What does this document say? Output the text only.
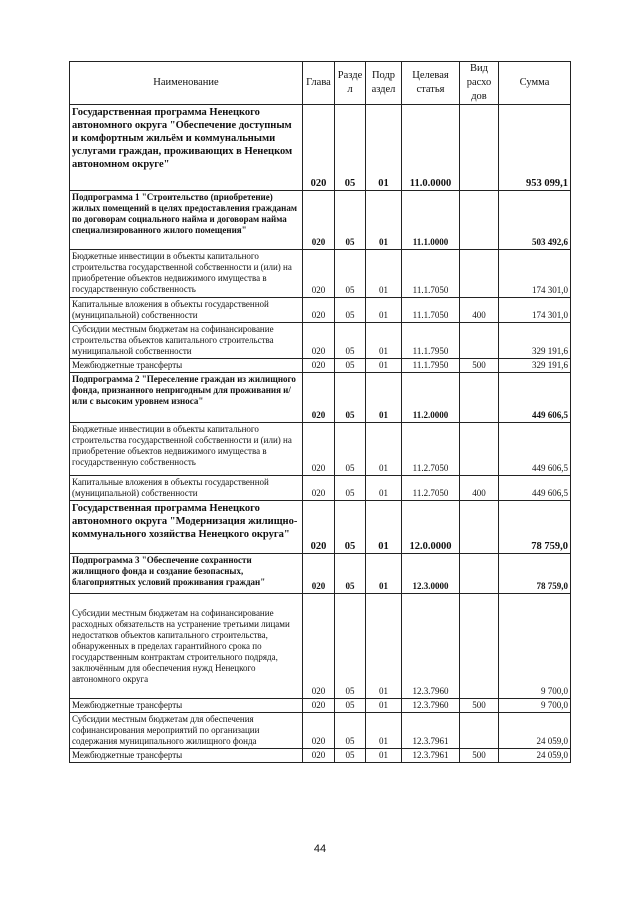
Наименование	Глава	Разде л	Подр аздел	Целевая статья	Вид расхо дов	Сумма
Государственная программа Ненецкого автономного округа "Обеспечение доступным и комфортным жильём и коммунальными услугами граждан, проживающих в Ненецком автономном округе"	020	05	01	11.0.0000		953 099,1
Подпрограмма 1 "Строительство (приобретение) жилых помещений в целях предоставления гражданам по договорам социального найма и договорам найма специализированного жилого помещения"	020	05	01	11.1.0000		503 492,6
Бюджетные инвестиции в объекты капитального строительства государственной собственности и (или) на приобретение объектов недвижимого имущества в государственную собственность	020	05	01	11.1.7050		174 301,0
Капитальные вложения в объекты государственной (муниципальной) собственности	020	05	01	11.1.7050	400	174 301,0
Субсидии местным бюджетам на софинансирование строительства объектов капитального строительства муниципальной собственности	020	05	01	11.1.7950		329 191,6
Межбюджетные трансферты	020	05	01	11.1.7950	500	329 191,6
Подпрограмма 2 "Переселение граждан из жилищного фонда, признанного непригодным для проживания и/или с высоким уровнем износа"	020	05	01	11.2.0000		449 606,5
Бюджетные инвестиции в объекты капитального строительства государственной собственности и (или) на приобретение объектов недвижимого имущества в государственную собственность	020	05	01	11.2.7050		449 606,5
Капитальные вложения в объекты государственной (муниципальной) собственности	020	05	01	11.2.7050	400	449 606,5
Государственная программа Ненецкого автономного округа "Модернизация жилищно-коммунального хозяйства Ненецкого округа"	020	05	01	12.0.0000		78 759,0
Подпрограмма 3 "Обеспечение сохранности жилищного фонда и создание безопасных, благоприятных условий проживания граждан"	020	05	01	12.3.0000		78 759,0
Субсидии местным бюджетам на софинансирование расходных обязательств на устранение третьими лицами недостатков объектов капитального строительства, обнаруженных в пределах гарантийного срока по государственным контрактам строительного подряда, заключённым для обеспечения нужд Ненецкого автономного округа	020	05	01	12.3.7960		9 700,0
Межбюджетные трансферты	020	05	01	12.3.7960	500	9 700,0
Субсидии местным бюджетам для обеспечения софинансирования мероприятий по организации содержания муниципального жилищного фонда	020	05	01	12.3.7961		24 059,0
Межбюджетные трансферты	020	05	01	12.3.7961	500	24 059,0
44
